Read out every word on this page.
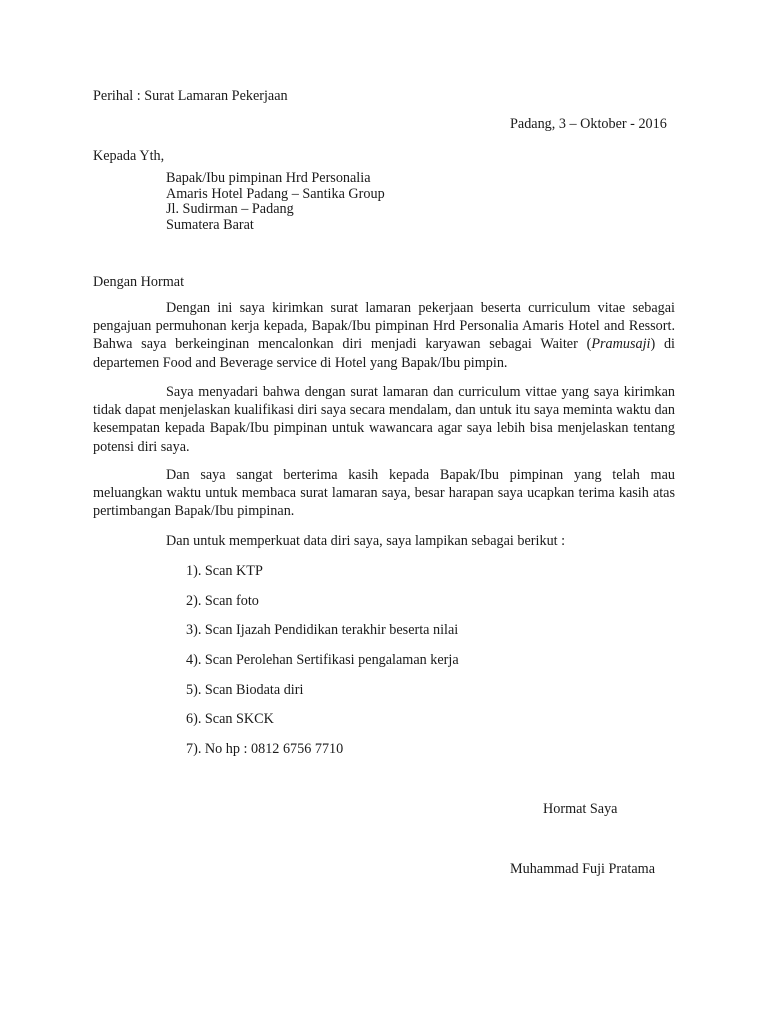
Perihal : Surat Lamaran Pekerjaan
Padang, 3 – Oktober - 2016
Kepada Yth,
Bapak/Ibu pimpinan Hrd Personalia
Amaris Hotel Padang – Santika Group
Jl. Sudirman – Padang
Sumatera Barat
Dengan Hormat
Dengan ini saya kirimkan surat lamaran pekerjaan beserta curriculum vitae sebagai pengajuan permuhonan kerja kepada, Bapak/Ibu pimpinan Hrd Personalia Amaris Hotel and Ressort. Bahwa saya berkeinginan mencalonkan diri menjadi karyawan sebagai Waiter (Pramusaji) di departemen Food and Beverage service di Hotel yang Bapak/Ibu pimpin.
Saya menyadari bahwa dengan surat lamaran dan curriculum vittae yang saya kirimkan tidak dapat menjelaskan kualifikasi diri saya secara mendalam, dan untuk itu saya meminta waktu dan kesempatan kepada Bapak/Ibu pimpinan untuk wawancara agar saya lebih bisa menjelaskan tentang potensi diri saya.
Dan saya sangat berterima kasih kepada Bapak/Ibu pimpinan yang telah mau meluangkan waktu untuk membaca surat lamaran saya, besar harapan saya ucapkan terima kasih atas pertimbangan Bapak/Ibu pimpinan.
Dan untuk memperkuat data diri saya, saya lampikan sebagai berikut :
1). Scan KTP
2). Scan foto
3). Scan Ijazah Pendidikan terakhir beserta nilai
4). Scan Perolehan Sertifikasi pengalaman kerja
5). Scan Biodata diri
6). Scan SKCK
7). No hp : 0812 6756 7710
Hormat Saya
Muhammad Fuji Pratama
